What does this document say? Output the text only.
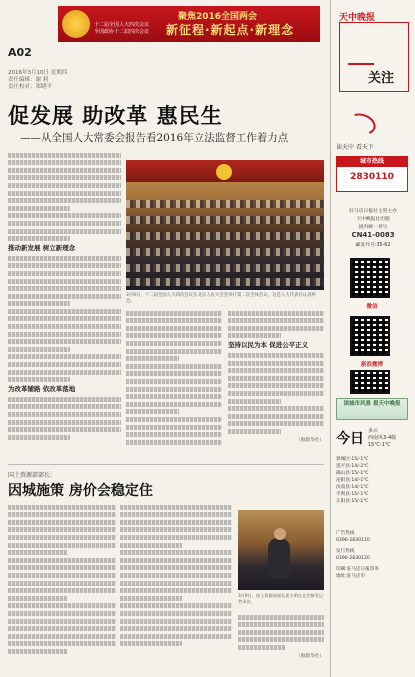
A02
十二届全国人大四次会议 全国政协十二届四次会议
聚焦2016全国两会
新征程·新起点·新理念
2016年3月10日 星期四
责任编辑：谢 莉
责任校对：郑晓平
促发展 助改革 惠民生
——从全国人大常委会报告看2016年立法监督工作着力点
推动新发展 树立新理念
为改革铺路 依改革落地
3月9日，十二届全国人大四次会议在北京人民大会堂举行第二次全体会议。这是人大代表在认真听会。
坚持以民为本 促进公平正义
（据新华社）
国土资源部部长：
因城施策 房价会稳定住
3月9日，国土资源部部长姜大明在北京接受记者采访。
（据新华社）
天中晚报
关注
读天中 看天下
城市热线
2830110
驻马店日报社主管主办
天中晚报社出版
国内统一刊号
CN41-0083
邮发代号:35-62
微信
新浪微博
读城市风景 看天中晚报
今日 多云
西南风3-4级
15℃-1℃
驿城区:15/-1℃
遂平县:14/-2℃
确山县:15/-1℃
泌阳县:14/-1℃
汝南县:14/-1℃
平舆县:15/-1℃
正阳县:15/-1℃
广告热线
0396-2830110
发行热线
0396-2830120
印刷:驻马店日报印务
地址:驻马店市
